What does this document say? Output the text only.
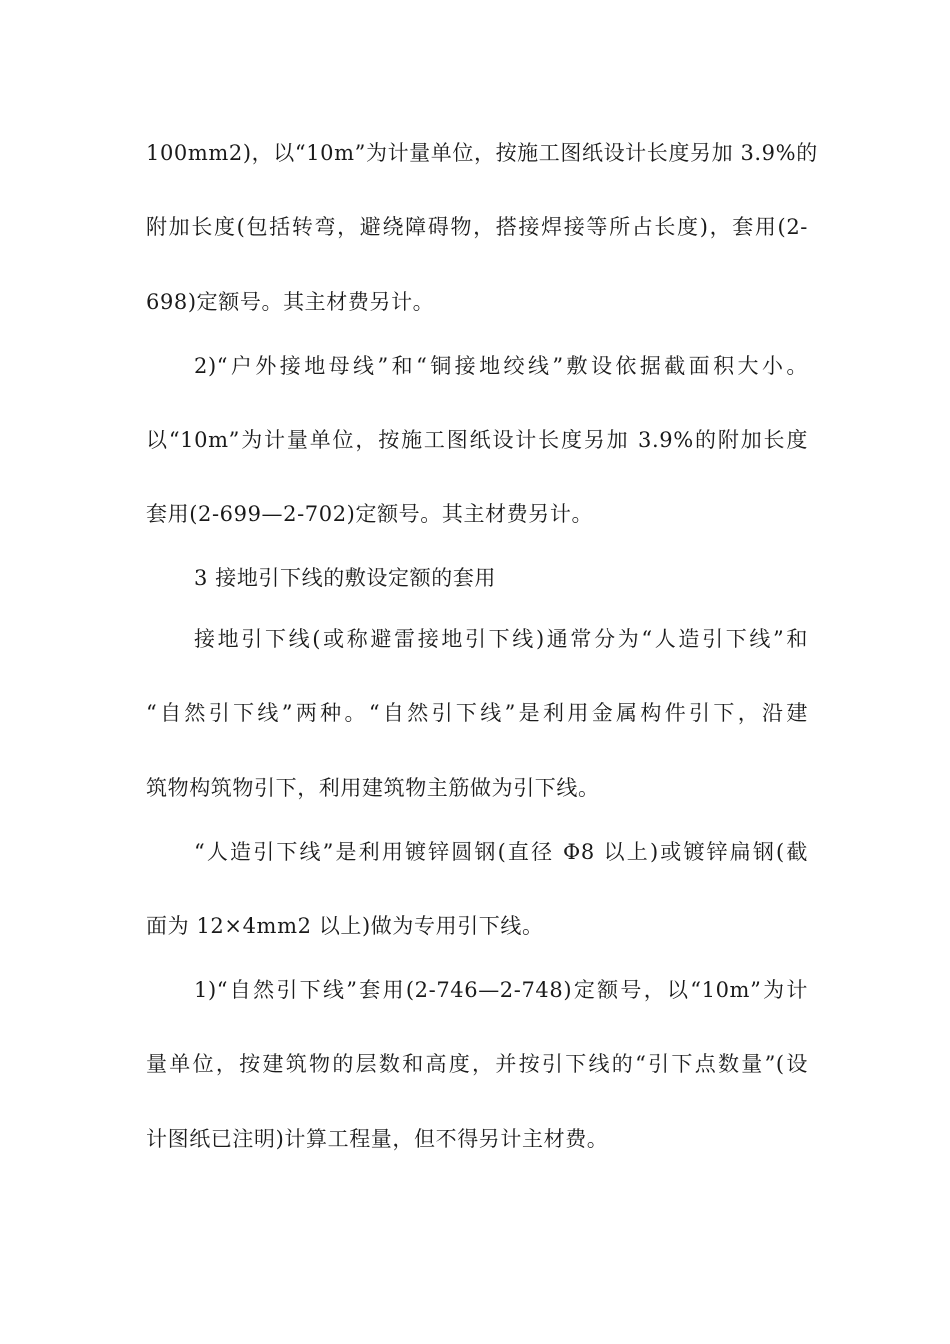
100mm2)，以“10m”为计量单位，按施工图纸设计长度另加 3.9%的
附加长度(包括转弯，避绕障碍物，搭接焊接等所占长度)，套用(2-
698)定额号。其主材费另计。
2)“户外接地母线”和“铜接地绞线”敷设依据截面积大小。
以“10m”为计量单位，按施工图纸设计长度另加 3.9%的附加长度
套用(2-699—2-702)定额号。其主材费另计。
3 接地引下线的敷设定额的套用
接地引下线(或称避雷接地引下线)通常分为“人造引下线”和
“自然引下线”两种。“自然引下线”是利用金属构件引下，沿建
筑物构筑物引下，利用建筑物主筋做为引下线。
“人造引下线”是利用镀锌圆钢(直径 Φ8 以上)或镀锌扁钢(截
面为 12×4mm2 以上)做为专用引下线。
1)“自然引下线”套用(2-746—2-748)定额号，以“10m”为计
量单位，按建筑物的层数和高度，并按引下线的“引下点数量”(设
计图纸已注明)计算工程量，但不得另计主材费。
